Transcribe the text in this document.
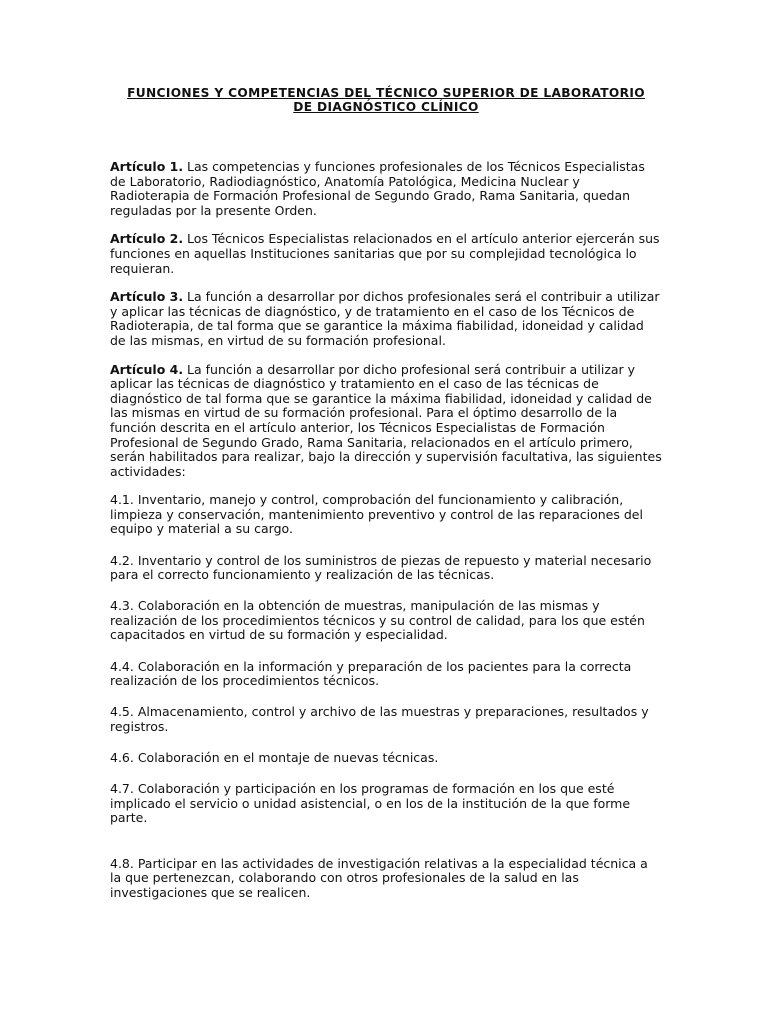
FUNCIONES Y COMPETENCIAS DEL TÉCNICO SUPERIOR DE LABORATORIO
DE DIAGNÓSTICO CLÍNICO

Artículo 1. Las competencias y funciones profesionales de los Técnicos Especialistas de Laboratorio, Radiodiagnóstico, Anatomía Patológica, Medicina Nuclear y Radioterapia de Formación Profesional de Segundo Grado, Rama Sanitaria, quedan reguladas por la presente Orden.

Artículo 2. Los Técnicos Especialistas relacionados en el artículo anterior ejercerán sus funciones en aquellas Instituciones sanitarias que por su complejidad tecnológica lo requieran.

Artículo 3. La función a desarrollar por dichos profesionales será el contribuir a utilizar y aplicar las técnicas de diagnóstico, y de tratamiento en el caso de los Técnicos de Radioterapia, de tal forma que se garantice la máxima fiabilidad, idoneidad y calidad de las mismas, en virtud de su formación profesional.

Artículo 4. La función a desarrollar por dicho profesional será contribuir a utilizar y aplicar las técnicas de diagnóstico y tratamiento en el caso de las técnicas de diagnóstico de tal forma que se garantice la máxima fiabilidad, idoneidad y calidad de las mismas en virtud de su formación profesional. Para el óptimo desarrollo de la función descrita en el artículo anterior, los Técnicos Especialistas de Formación Profesional de Segundo Grado, Rama Sanitaria, relacionados en el artículo primero, serán habilitados para realizar, bajo la dirección y supervisión facultativa, las siguientes actividades:

4.1. Inventario, manejo y control, comprobación del funcionamiento y calibración, limpieza y conservación, mantenimiento preventivo y control de las reparaciones del equipo y material a su cargo.

4.2. Inventario y control de los suministros de piezas de repuesto y material necesario para el correcto funcionamiento y realización de las técnicas.

4.3. Colaboración en la obtención de muestras, manipulación de las mismas y realización de los procedimientos técnicos y su control de calidad, para los que estén capacitados en virtud de su formación y especialidad.

4.4. Colaboración en la información y preparación de los pacientes para la correcta realización de los procedimientos técnicos.

4.5. Almacenamiento, control y archivo de las muestras y preparaciones, resultados y registros.

4.6. Colaboración en el montaje de nuevas técnicas.

4.7. Colaboración y participación en los programas de formación en los que esté implicado el servicio o unidad asistencial, o en los de la institución de la que forme parte.

4.8. Participar en las actividades de investigación relativas a la especialidad técnica a la que pertenezcan, colaborando con otros profesionales de la salud en las investigaciones que se realicen.
